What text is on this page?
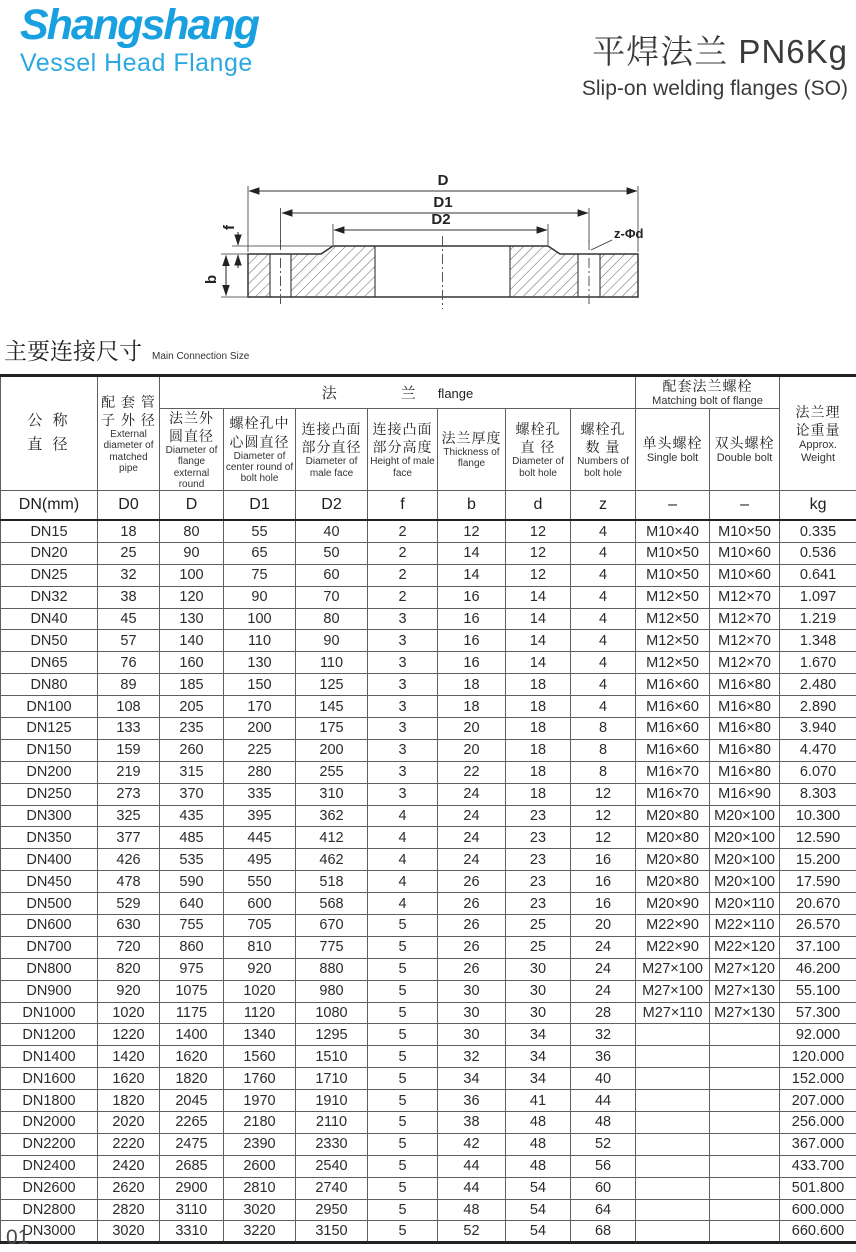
Shangshang
Vessel Head Flange	平焊法兰 PN6Kg
Slip-on welding flanges (SO)
D
D1
D2
f
b
z-Φd
主要连接尺寸 Main Connection Size
公 称
直 径

配 套 管
子 外 径
External diameter of matched pipe
	法	兰 flange	配套法兰螺栓
Matching bolt of flange

法兰理
论重量
Approx.
Weight

法兰外
圆直径
Diameter of flange external round

螺栓孔中
心圆直径
Diameter of center round of bolt hole

连接凸面
部分直径
Diameter of male face

连接凸面
部分高度
Height of male face

法兰厚度
Thickness of flange

螺栓孔
直 径
Diameter of bolt hole

螺栓孔
数 量
Numbers of bolt hole

单头螺栓
Single bolt

双头螺栓
Double bolt

DN(mm)	D0	D	D1	D2	f	b	d	z	–	–	kg
DN15	18	80	55	40	2	12	12	4	M10×40	M10×50	0.335
DN20	25	90	65	50	2	14	12	4	M10×50	M10×60	0.536
DN25	32	100	75	60	2	14	12	4	M10×50	M10×60	0.641
DN32	38	120	90	70	2	16	14	4	M12×50	M12×70	1.097
DN40	45	130	100	80	3	16	14	4	M12×50	M12×70	1.219
DN50	57	140	110	90	3	16	14	4	M12×50	M12×70	1.348
DN65	76	160	130	110	3	16	14	4	M12×50	M12×70	1.670
DN80	89	185	150	125	3	18	18	4	M16×60	M16×80	2.480
DN100	108	205	170	145	3	18	18	4	M16×60	M16×80	2.890
DN125	133	235	200	175	3	20	18	8	M16×60	M16×80	3.940
DN150	159	260	225	200	3	20	18	8	M16×60	M16×80	4.470
DN200	219	315	280	255	3	22	18	8	M16×70	M16×80	6.070
DN250	273	370	335	310	3	24	18	12	M16×70	M16×90	8.303
DN300	325	435	395	362	4	24	23	12	M20×80	M20×100	10.300
DN350	377	485	445	412	4	24	23	12	M20×80	M20×100	12.590
DN400	426	535	495	462	4	24	23	16	M20×80	M20×100	15.200
DN450	478	590	550	518	4	26	23	16	M20×80	M20×100	17.590
DN500	529	640	600	568	4	26	23	16	M20×90	M20×110	20.670
DN600	630	755	705	670	5	26	25	20	M22×90	M22×110	26.570
DN700	720	860	810	775	5	26	25	24	M22×90	M22×120	37.100
DN800	820	975	920	880	5	26	30	24	M27×100	M27×120	46.200
DN900	920	1075	1020	980	5	30	30	24	M27×100	M27×130	55.100
DN1000	1020	1175	1120	1080	5	30	30	28	M27×110	M27×130	57.300
DN1200	1220	1400	1340	1295	5	30	34	32			92.000
DN1400	1420	1620	1560	1510	5	32	34	36			120.000
DN1600	1620	1820	1760	1710	5	34	34	40			152.000
DN1800	1820	2045	1970	1910	5	36	41	44			207.000
DN2000	2020	2265	2180	2110	5	38	48	48			256.000
DN2200	2220	2475	2390	2330	5	42	48	52			367.000
DN2400	2420	2685	2600	2540	5	44	48	56			433.700
DN2600	2620	2900	2810	2740	5	44	54	60			501.800
DN2800	2820	3110	3020	2950	5	48	54	64			600.000
DN3000	3020	3310	3220	3150	5	52	54	68			660.600
01
